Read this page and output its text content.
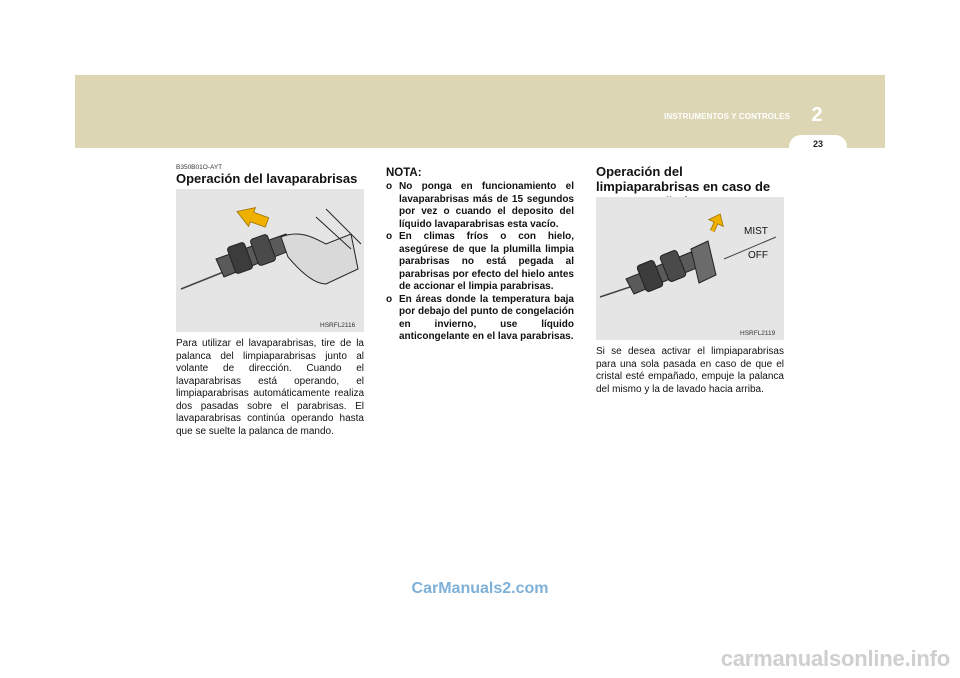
INSTRUMENTOS Y CONTROLES	2
23
B350B01O-AYT
Operación del lavaparabrisas
HSRFL2116
Para utilizar el lavaparabrisas, tire de la palanca del limpiaparabrisas junto al volante de dirección. Cuando el lavaparabrisas está operando, el limpiaparabrisas automáticamente realiza dos pasadas sobre el parabrisas. El lavaparabrisas continúa operando hasta que se suelte la palanca de mando.
NOTA:
o No ponga en funcionamiento el lavaparabrisas más de 15 segundos por vez o cuando el deposito del líquido lavaparabrisas esta vacío.
o En climas fríos o con hielo, asegúrese de que la plumilla limpia parabrisas no está pegada al parabrisas por efecto del hielo antes de accionar el limpia parabrisas.
o En áreas donde la temperatura baja por debajo del punto de congelación en invierno, use líquido anticongelante en el lava parabrisas.
Operación del limpiaparabrisas en caso de
MIST
OFF
HSRFL2119
Si se desea activar el limpiaparabrisas para una sola pasada en caso de que el cristal esté empañado, empuje la palanca del mismo y la de lavado hacia arriba.
CarManuals2.com
carmanualsonline.info
